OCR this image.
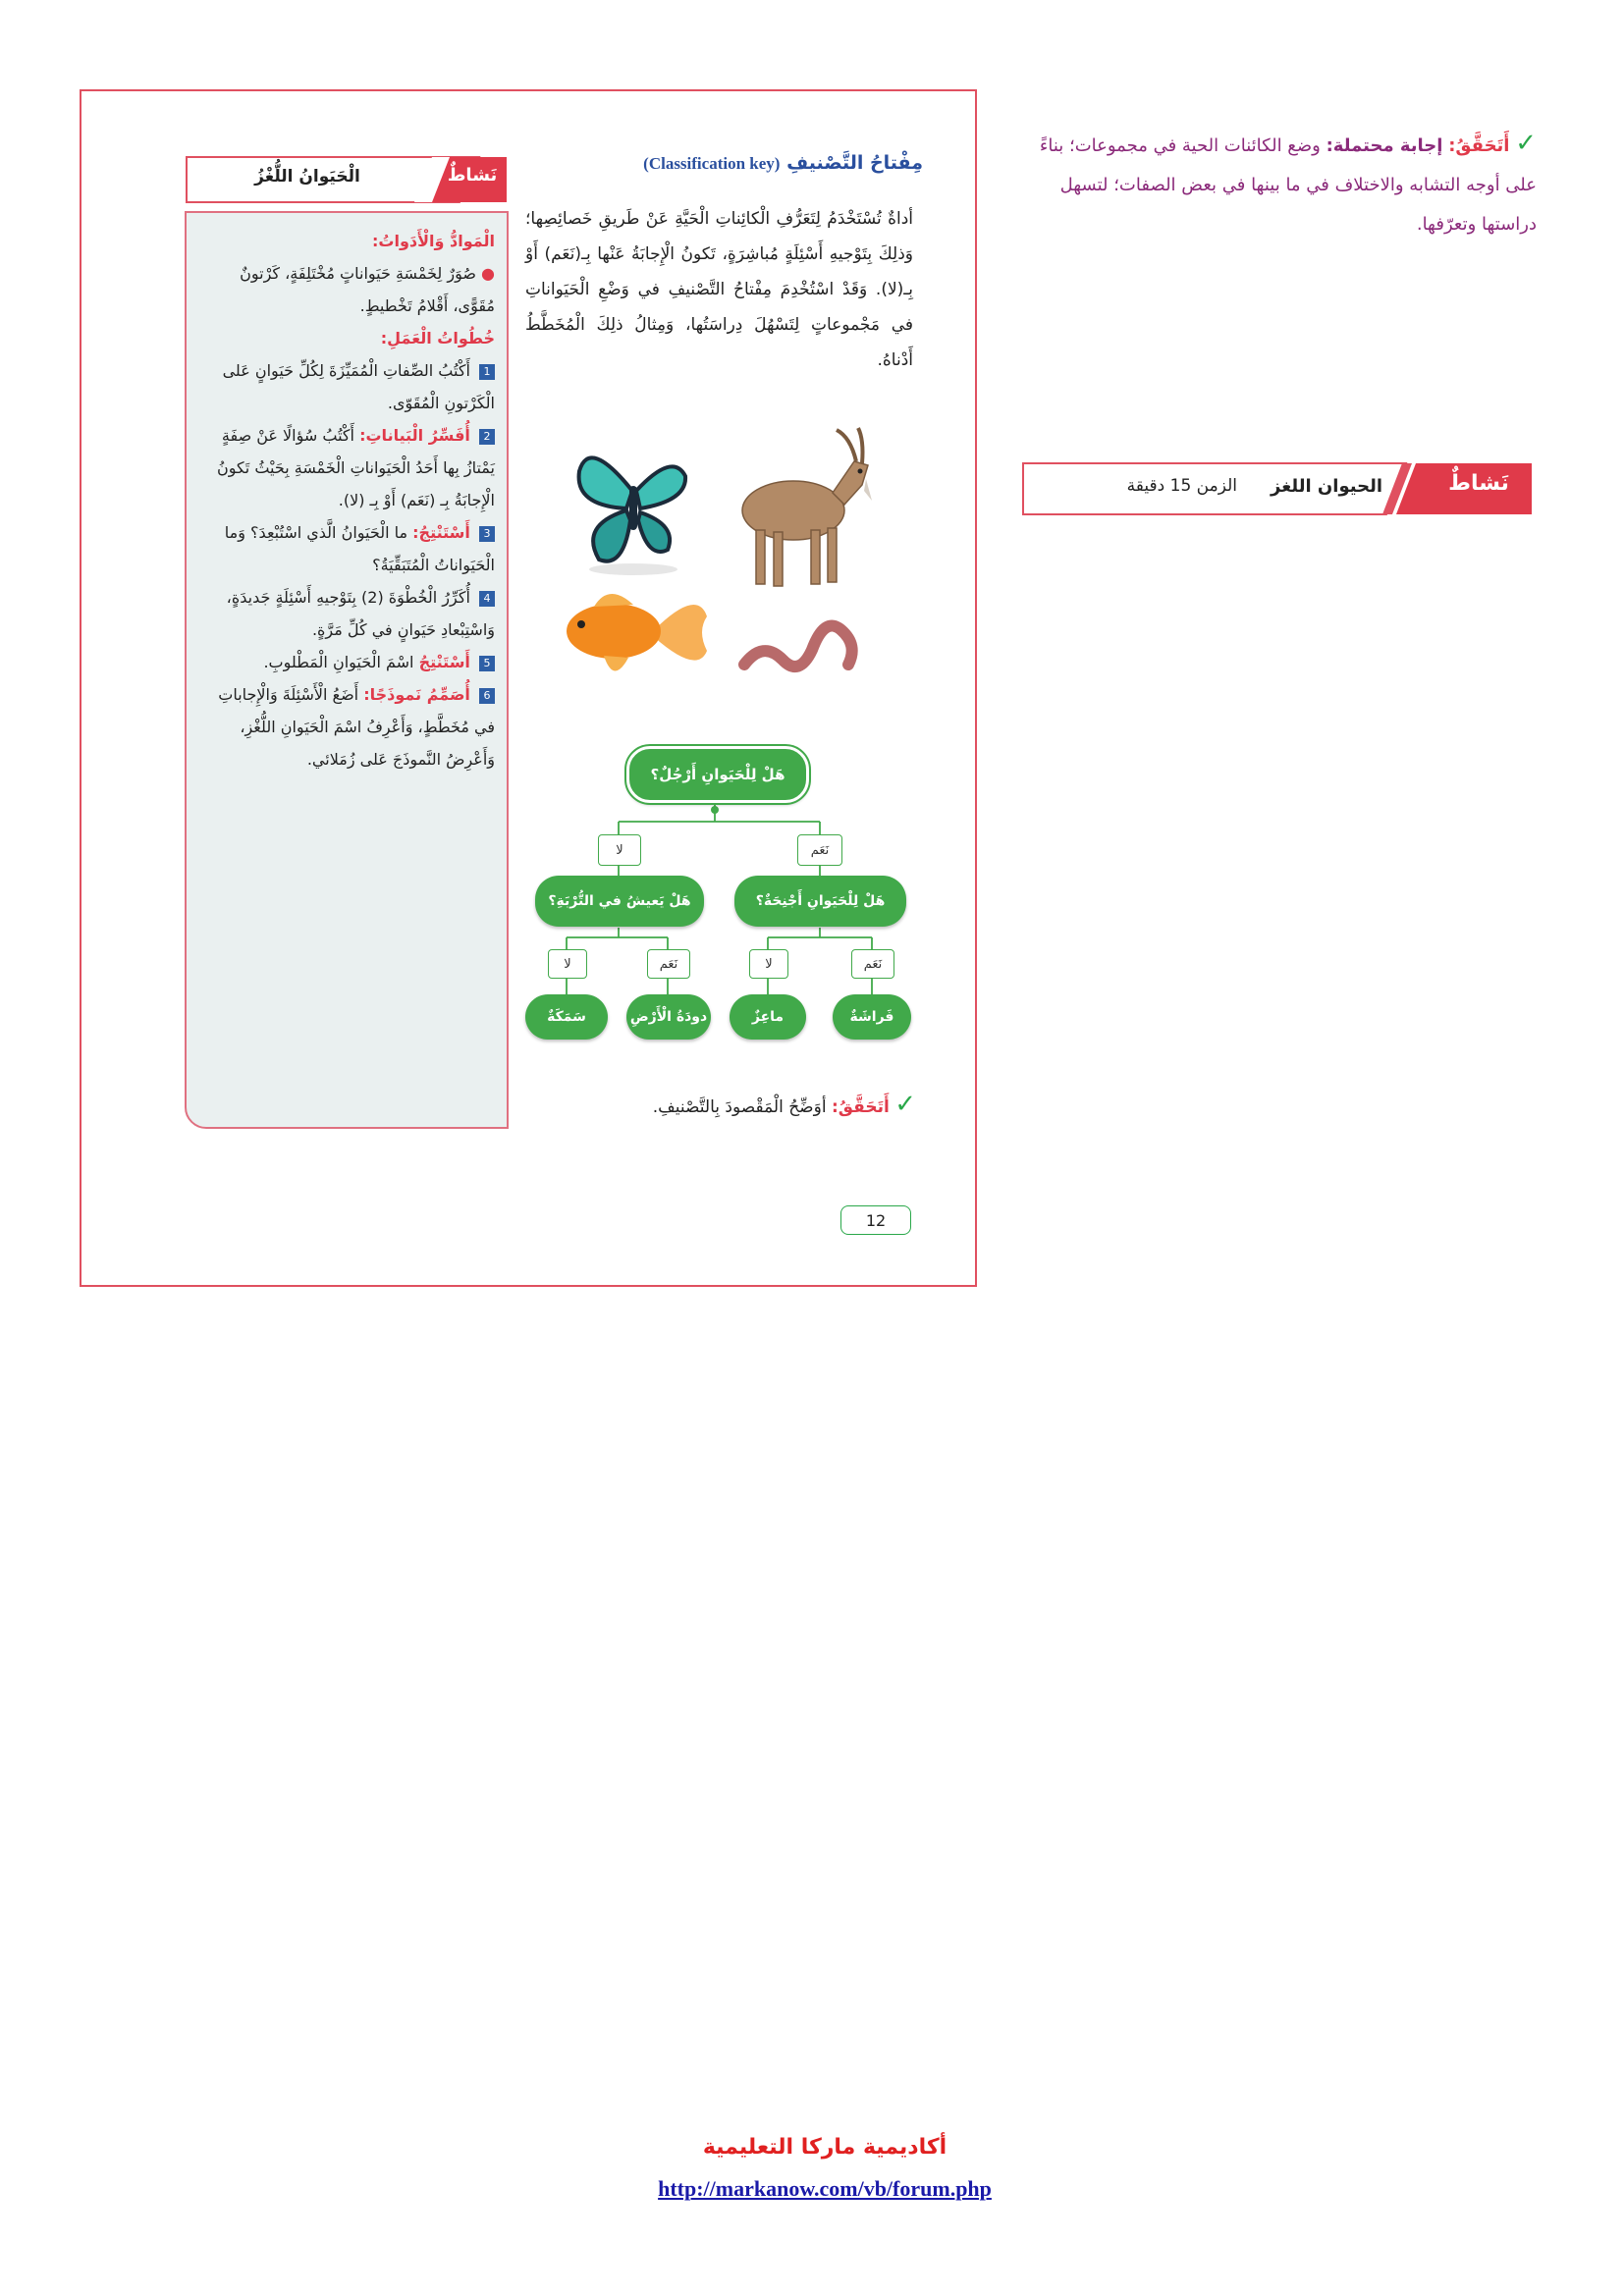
مِفْتاحُ التَّصْنيفِ (Classification key)
أداةٌ تُسْتَخْدَمُ لِتَعَرُّفِ الْكائِناتِ الْحَيَّةِ عَنْ طَريقِ خَصائِصِها؛ وَذلِكَ بِتَوْجيهِ أَسْئِلَةٍ مُباشِرَةٍ، تَكونُ الْإِجابَةُ عَنْها بِـ(نَعَم) أَوْ بِـ(لا). وَقَدْ اسْتُخْدِمَ مِفْتاحُ التَّصْنيفِ في وَضْعِ الْحَيَواناتِ في مَجْموعاتٍ لِتَسْهُلَ دِراسَتُها، وَمِثالُ ذلِكَ الْمُخَطَّطُ أَدْناهُ.
هَلْ لِلْحَيَوانِ أَرْجُلٌ؟
نَعَم
لا
هَلْ لِلْحَيَوانِ أَجْنِحَةٌ؟
هَلْ يَعيشُ في التُّرْبَةِ؟
نَعَم
لا
نَعَم
لا
فَراشَةٌ
ماعِزٌ
دودَةُ الْأَرْضِ
سَمَكَةٌ
✓ أَتَحَقَّقُ: أوَضِّحُ الْمَقْصودَ بِالتَّصْنيفِ.
نَشاطٌ
الْحَيَوانُ اللُّغْزُ
الْمَوادُّ وَالْأَدَواتُ:
● صُوَرٌ لِخَمْسَةِ حَيَواناتٍ مُخْتَلِفَةٍ، كَرْتونٌ مُقَوًّى، أَقْلامُ تَخْطيطٍ.
خُطُواتُ الْعَمَلِ:
1 أَكْتُبُ الصِّفاتِ الْمُمَيِّزَةَ لِكُلِّ حَيَوانٍ عَلى الْكَرْتونِ الْمُقَوّى.
2 أُفَسِّرُ الْبَياناتِ: أَكْتُبُ سُؤالًا عَنْ صِفَةٍ يَمْتازُ بِها أَحَدُ الْحَيَواناتِ الْخَمْسَةِ بِحَيْثُ تَكونُ الْإِجابَةُ بِـ (نَعَم) أَوْ بِـ (لا).
3 أَسْتَنْتِجُ: ما الْحَيَوانُ الَّذي اسْتُبْعِدَ؟ وَما الْحَيَواناتُ الْمُتَبَقِّيَةُ؟
4 أُكَرِّرُ الْخُطْوَةَ (2) بِتَوْجيهِ أَسْئِلَةٍ جَديدَةٍ، وَاسْتِبْعادِ حَيَوانٍ في كُلِّ مَرَّةٍ.
5 أَسْتَنْتِجُ اسْمَ الْحَيَوانِ الْمَطْلوبِ.
6 أُصَمِّمُ نَموذَجًا: أَضَعُ الْأَسْئِلَةَ وَالْإِجاباتِ في مُخَطَّطٍ، وَأَعْرِفُ اسْمَ الْحَيَوانِ اللُّغْزِ، وَأَعْرِضُ النَّموذَجَ عَلى زُمَلائي.
12
✓ أَتَحَقَّقُ: إجابة محتملة: وضع الكائنات الحية في مجموعات؛ بناءً على أوجه التشابه والاختلاف في ما بينها في بعض الصفات؛ لتسهل دراستها وتعرّفها.
نَشاطٌ
الحيوان اللغز
الزمن 15 دقيقة
أكاديمية ماركا التعليمية
http://markanow.com/vb/forum.php
